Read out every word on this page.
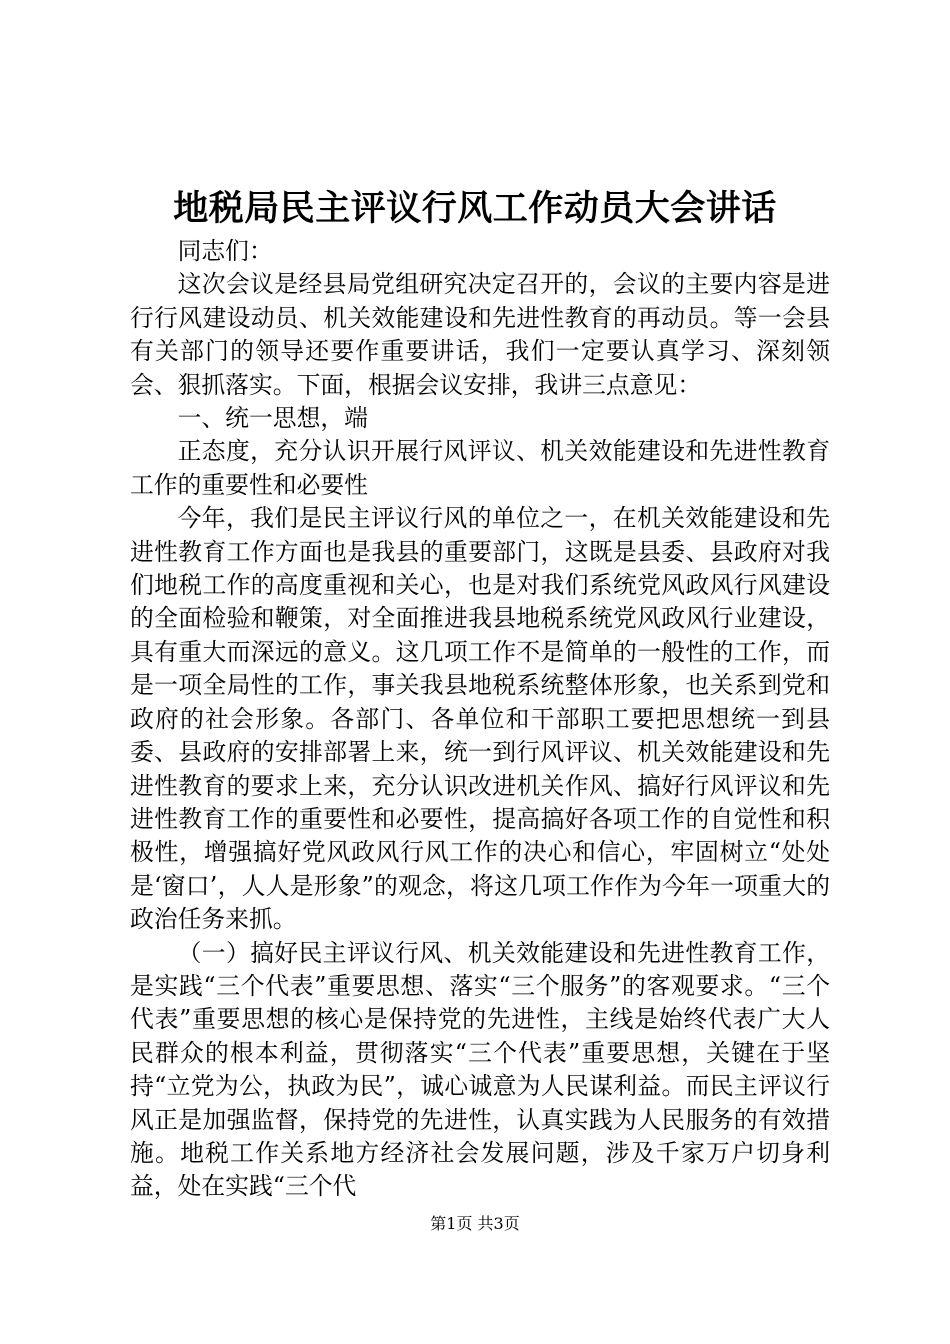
地税局民主评议行风工作动员大会讲话

同志们：

这次会议是经县局党组研究决定召开的，会议的主要内容是进行行风建设动员、机关效能建设和先进性教育的再动员。等一会县有关部门的领导还要作重要讲话，我们一定要认真学习、深刻领会、狠抓落实。下面，根据会议安排，我讲三点意见：

一、统一思想，端

正态度，充分认识开展行风评议、机关效能建设和先进性教育工作的重要性和必要性

今年，我们是民主评议行风的单位之一，在机关效能建设和先进性教育工作方面也是我县的重要部门，这既是县委、县政府对我们地税工作的高度重视和关心，也是对我们系统党风政风行风建设的全面检验和鞭策，对全面推进我县地税系统党风政风行业建设，具有重大而深远的意义。这几项工作不是简单的一般性的工作，而是一项全局性的工作，事关我县地税系统整体形象，也关系到党和政府的社会形象。各部门、各单位和干部职工要把思想统一到县委、县政府的安排部署上来，统一到行风评议、机关效能建设和先进性教育的要求上来，充分认识改进机关作风、搞好行风评议和先进性教育工作的重要性和必要性，提高搞好各项工作的自觉性和积极性，增强搞好党风政风行风工作的决心和信心，牢固树立“处处是‘窗口’，人人是形象”的观念，将这几项工作作为今年一项重大的政治任务来抓。

（一）搞好民主评议行风、机关效能建设和先进性教育工作，是实践“三个代表”重要思想、落实“三个服务”的客观要求。“三个代表”重要思想的核心是保持党的先进性，主线是始终代表广大人民群众的根本利益，贯彻落实“三个代表”重要思想，关键在于坚持“立党为公，执政为民”，诚心诚意为人民谋利益。而民主评议行风正是加强监督，保持党的先进性，认真实践为人民服务的有效措施。地税工作关系地方经济社会发展问题，涉及千家万户切身利益，处在实践“三个代

第1页 共3页
